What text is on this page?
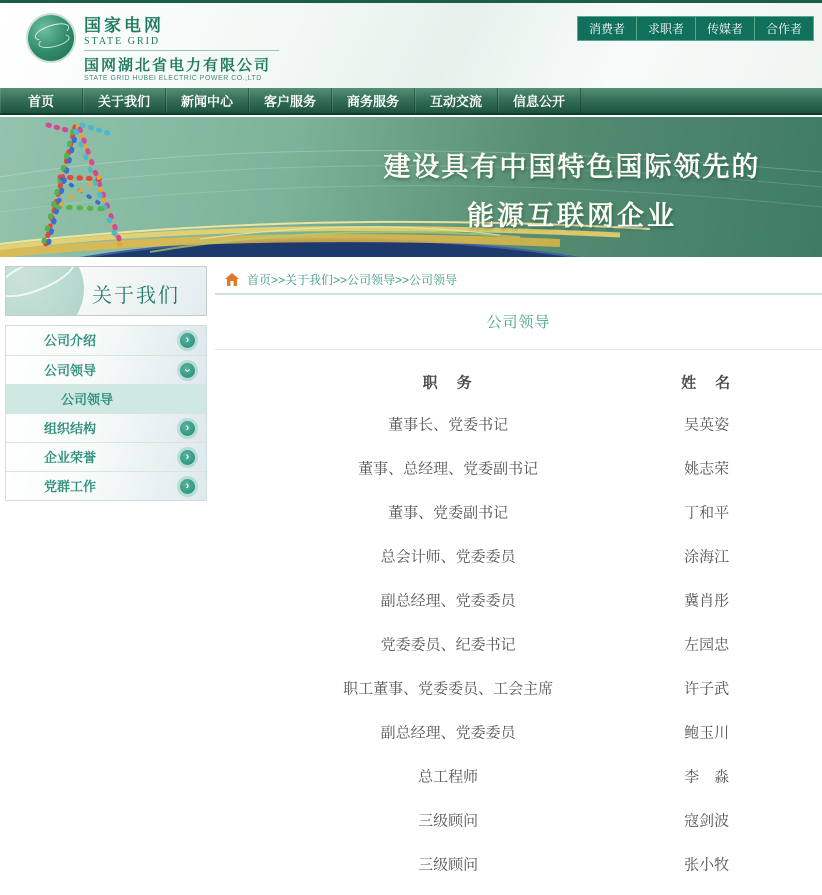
国家电网
STATE GRID
国网湖北省电力有限公司
STATE GRID HUBEI ELECTRIC POWER CO.,LTD
消费者	求职者	传媒者	合作者
首页	关于我们	新闻中心	客户服务	商务服务	互动交流	信息公开
建设具有中国特色国际领先的
能源互联网企业
关于我们
公司介绍	›
公司领导	⌄
公司领导
组织结构	›
企业荣誉	›
党群工作	›
首页>>关于我们>>公司领导>>公司领导
公司领导
职　务	姓　名
董事长、党委书记	吴英姿
董事、总经理、党委副书记	姚志荣
董事、党委副书记	丁和平
总会计师、党委委员	涂海江
副总经理、党委委员	冀肖彤
党委委员、纪委书记	左园忠
职工董事、党委委员、工会主席	许子武
副总经理、党委委员	鲍玉川
总工程师	李　淼
三级顾问	寇剑波
三级顾问	张小牧
